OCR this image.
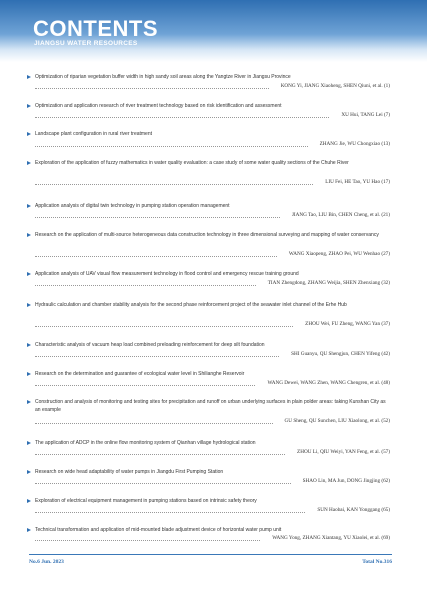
CONTENTS
JIANGSU WATER RESOURCES
Optimization of riparian vegetation buffer width in high sandy soil areas along the Yangtze River in Jiangsu Province
KONG Yi, JIANG Xiaoheng, SHEN Qiuni, et al. (1)
Optimization and application research of river treatment technology based on risk identification and assessment
XU Hui, TANG Lei (7)
Landscape plant configuration in rural river treatment
ZHANG Jie, WU Chongxiao (13)
Exploration of the application of fuzzy mathematics in water quality evaluation: a case study of some water quality sections of the Chuhe River
LIU Fei, HE Tao, YU Hao (17)
Application analysis of digital twin technology in pumping station operation management
JIANG Tao, LIU Bin, CHEN Cheng, et al. (21)
Research on the application of multi-source heterogeneous data construction technology in three dimensional surveying and mapping of water conservancy
WANG Xiaopeng, ZHAO Pei, WU Wenhao (27)
Application analysis of UAV visual flow measurement technology in flood control and emergency rescue training ground
TIAN Zhengdong, ZHANG Weijia, SHEN Zhenxiang (32)
Hydraulic calculation and chamber stability analysis for the second phase reinforcement project of the seawater inlet channel of the Erhe Hub
ZHOU Wei, FU Zheng, WANG Yan (37)
Characteristic analysis of vacuum heap load combined preloading reinforcement for deep silt foundation
SHI Guanyu, QU Shengjun, CHEN Yifeng (42)
Research on the determination and guarantee of ecological water level in Shilianghe Reservoir
WANG Dewei, WANG Zhen, WANG Chengren, et al. (48)
Construction and analysis of monitoring and testing sites for precipitation and runoff on urban underlying surfaces in plain polder areas: taking Kunshan City as an example
GU Sheng, QU Sunchen, LIU Xiaolong, et al. (52)
The application of ADCP in the online flow monitoring system of Qianhan village hydrological station
ZHOU Li, QIU Weiyi, YAN Feng, et al. (57)
Research on wide head adaptability of water pumps in Jiangdu First Pumping Station
SHAO Lin, MA Jun, DONG Jingjing (62)
Exploration of electrical equipment management in pumping stations based on intrinsic safety theory
SUN Haobai, KAN Yonggang (65)
Technical transformation and application of mid-mounted blade adjustment device of horizontal water pump unit
WANG Yong, ZHANG Xiantang, YU Xiaolei, et al. (69)
No.6 Jun. 2023	Total No.316
